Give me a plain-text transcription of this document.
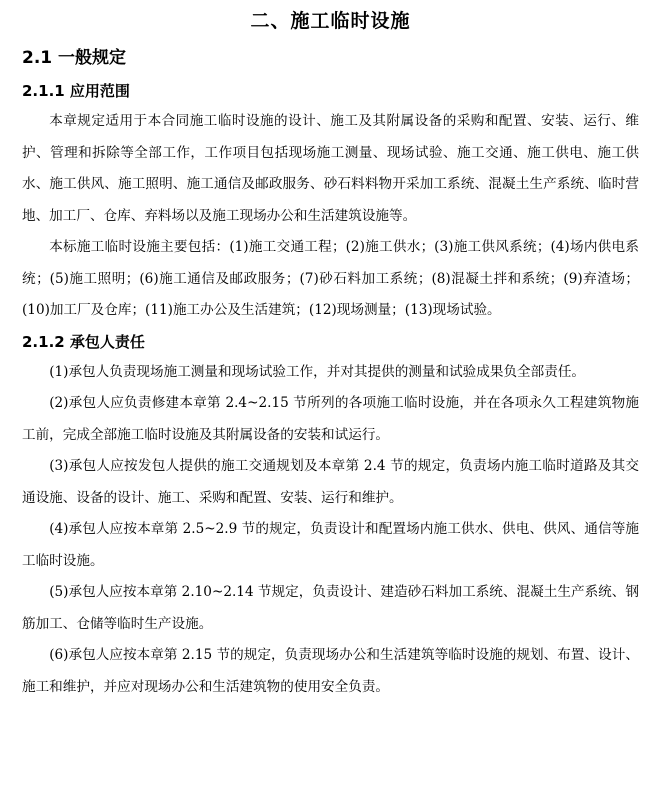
二、施工临时设施
2.1 一般规定
2.1.1 应用范围

本章规定适用于本合同施工临时设施的设计、施工及其附属设备的采购和配置、安装、运行、维护、管理和拆除等全部工作，工作项目包括现场施工测量、现场试验、施工交通、施工供电、施工供水、施工供风、施工照明、施工通信及邮政服务、砂石料料物开采加工系统、混凝土生产系统、临时营地、加工厂、仓库、弃料场以及施工现场办公和生活建筑设施等。

本标施工临时设施主要包括：(1)施工交通工程；(2)施工供水；(3)施工供风系统；(4)场内供电系统；(5)施工照明；(6)施工通信及邮政服务；(7)砂石料加工系统；(8)混凝土拌和系统；(9)弃渣场； (10)加工厂及仓库；(11)施工办公及生活建筑；(12)现场测量；(13)现场试验。

2.1.2 承包人责任

(1)承包人负责现场施工测量和现场试验工作，并对其提供的测量和试验成果负全部责任。

(2)承包人应负责修建本章第 2.4~2.15 节所列的各项施工临时设施，并在各项永久工程建筑物施工前，完成全部施工临时设施及其附属设备的安装和试运行。

(3)承包人应按发包人提供的施工交通规划及本章第 2.4 节的规定，负责场内施工临时道路及其交通设施、设备的设计、施工、采购和配置、安装、运行和维护。

(4)承包人应按本章第 2.5~2.9 节的规定，负责设计和配置场内施工供水、供电、供风、通信等施工临时设施。

(5)承包人应按本章第 2.10~2.14 节规定，负责设计、建造砂石料加工系统、混凝土生产系统、钢筋加工、仓储等临时生产设施。

(6)承包人应按本章第 2.15 节的规定，负责现场办公和生活建筑等临时设施的规划、布置、设计、施工和维护，并应对现场办公和生活建筑物的使用安全负责。
